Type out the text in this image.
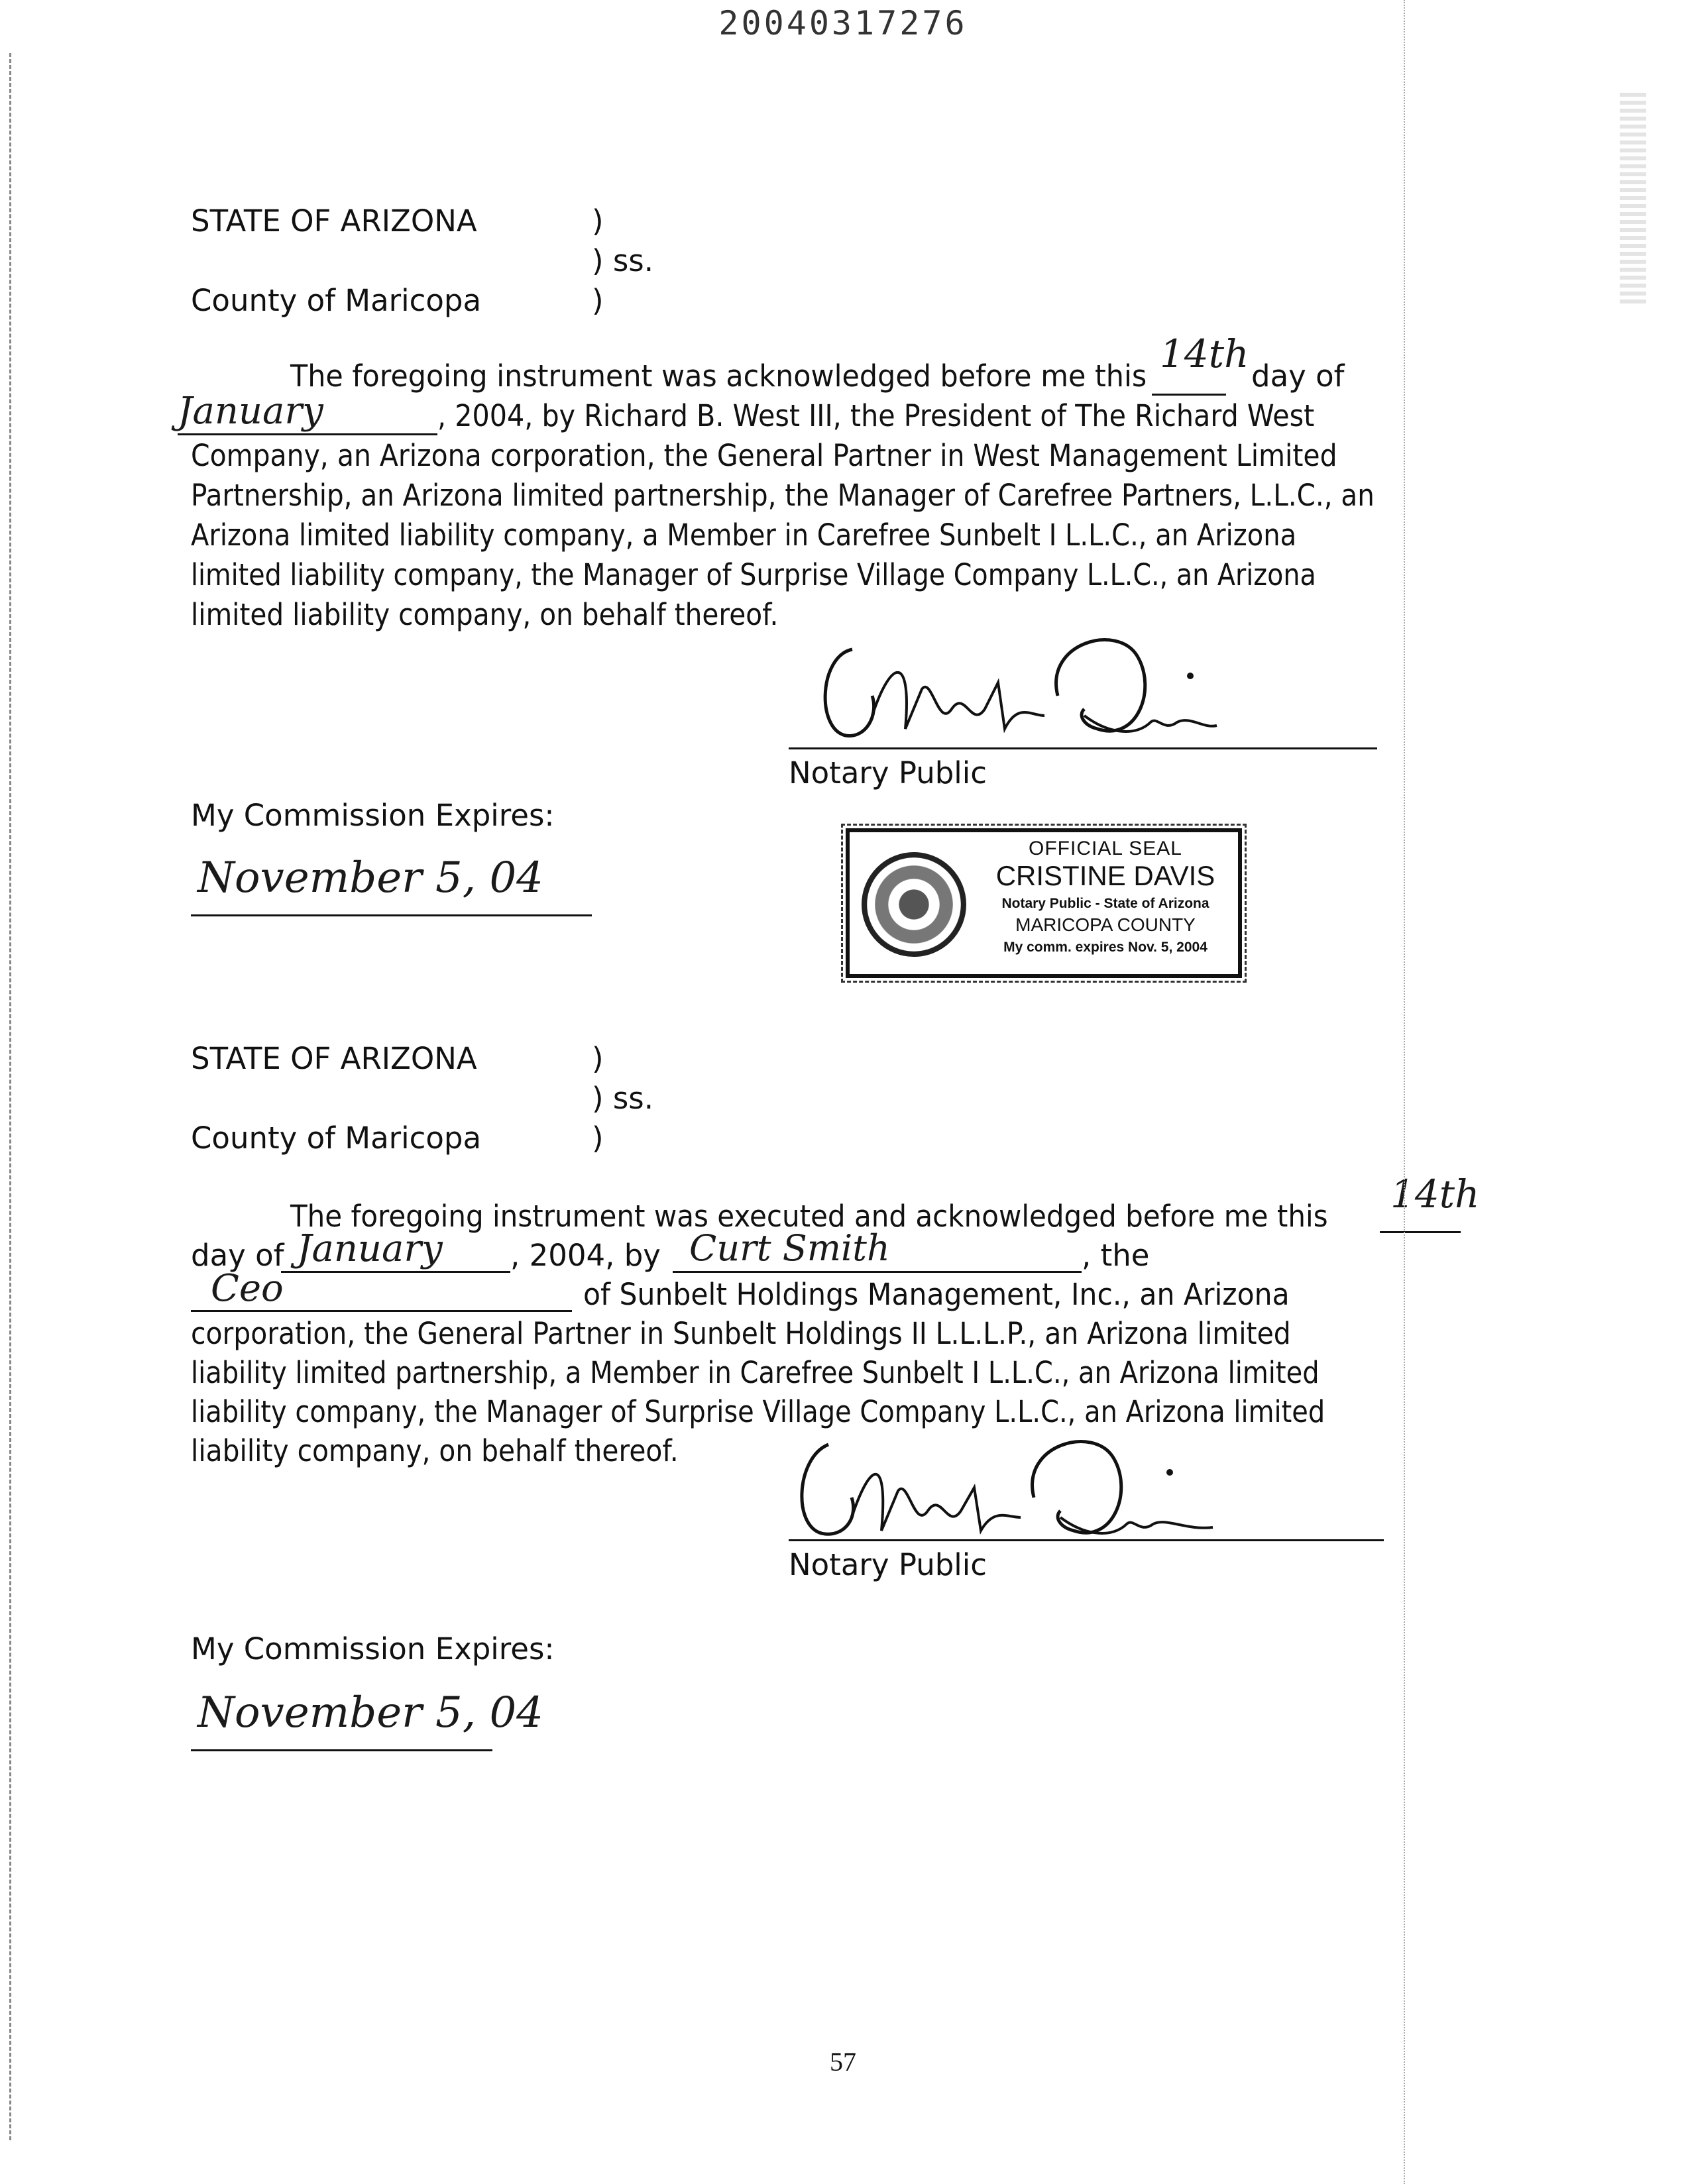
20040317276
STATE OF ARIZONA	)
) ss.
County of Maricopa	)
The foregoing instrument was acknowledged before me this 14th day of
January	, 2004, by Richard B. West III, the President of The Richard West
Company, an Arizona corporation, the General Partner in West Management Limited
Partnership, an Arizona limited partnership, the Manager of Carefree Partners, L.L.C., an
Arizona limited liability company, a Member in Carefree Sunbelt I L.L.C., an Arizona
limited liability company, the Manager of Surprise Village Company L.L.C., an Arizona
limited liability company, on behalf thereof.
Notary Public
My Commission Expires:
November 5, 04
OFFICIAL SEAL
CRISTINE DAVIS
Notary Public - State of Arizona
MARICOPA COUNTY
My comm. expires Nov. 5, 2004
STATE OF ARIZONA	)
) ss.
County of Maricopa	)
The foregoing instrument was executed and acknowledged before me this 14th
day of January , 2004, by Curt Smith	, the
Ceo	of Sunbelt Holdings Management, Inc., an Arizona
corporation, the General Partner in Sunbelt Holdings II L.L.L.P., an Arizona limited
liability limited partnership, a Member in Carefree Sunbelt I L.L.C., an Arizona limited
liability company, the Manager of Surprise Village Company L.L.C., an Arizona limited
liability company, on behalf thereof.
Notary Public
My Commission Expires:
November 5, 04
57
